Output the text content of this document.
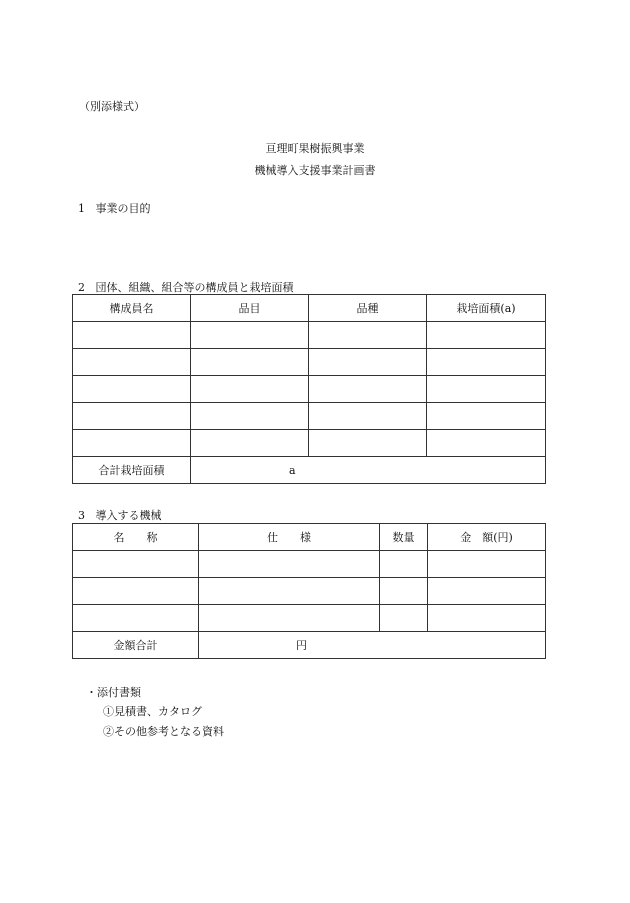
（別添様式）
亘理町果樹振興事業
機械導入支援事業計画書
1 事業の目的
2 団体、組織、組合等の構成員と栽培面積
構成員名	品目	品種	栽培面積(a)

合計栽培面積	a		
3 導入する機械
名　　称	仕　　様	数量	金　額(円)

金額合計	円		
・添付書類
①見積書、カタログ
②その他参考となる資料
